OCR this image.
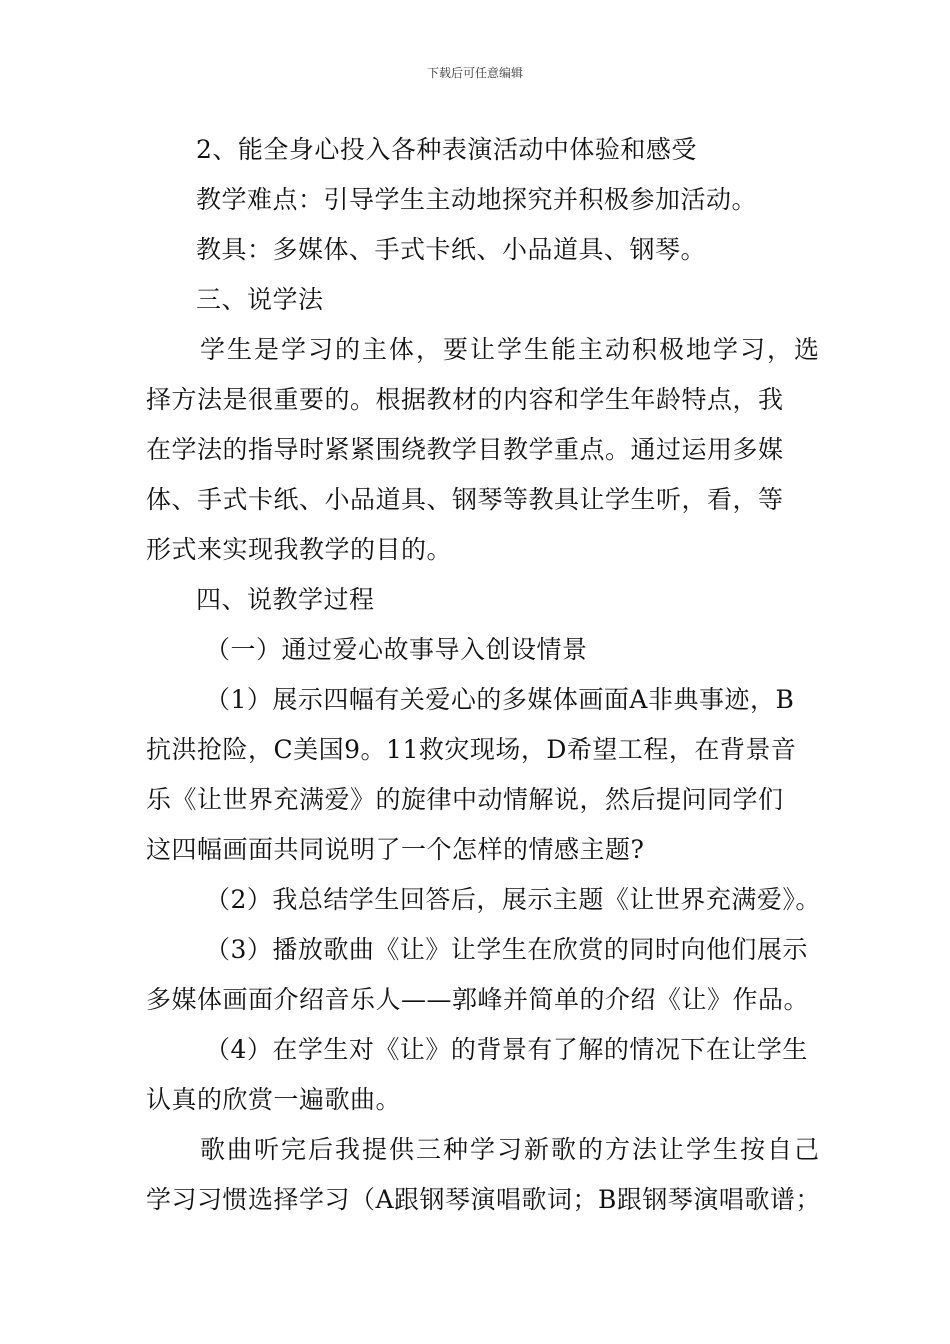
下载后可任意编辑
2、能全身心投入各种表演活动中体验和感受
教学难点：引导学生主动地探究并积极参加活动。
教具：多媒体、手式卡纸、小品道具、钢琴。
三、说学法
学生是学习的主体，要让学生能主动积极地学习，选
择方法是很重要的。根据教材的内容和学生年龄特点，我
在学法的指导时紧紧围绕教学目教学重点。通过运用多媒
体、手式卡纸、小品道具、钢琴等教具让学生听，看，等
形式来实现我教学的目的。
四、说教学过程
（一）通过爱心故事导入创设情景
（1）展示四幅有关爱心的多媒体画面A非典事迹，B
抗洪抢险，C美国9。11救灾现场，D希望工程，在背景音
乐《让世界充满爱》的旋律中动情解说，然后提问同学们
这四幅画面共同说明了一个怎样的情感主题?
（2）我总结学生回答后，展示主题《让世界充满爱》。
（3）播放歌曲《让》让学生在欣赏的同时向他们展示
多媒体画面介绍音乐人——郭峰并简单的介绍《让》作品。
（4）在学生对《让》的背景有了解的情况下在让学生
认真的欣赏一遍歌曲。
歌曲听完后我提供三种学习新歌的方法让学生按自己
学习习惯选择学习（A跟钢琴演唱歌词；B跟钢琴演唱歌谱；
